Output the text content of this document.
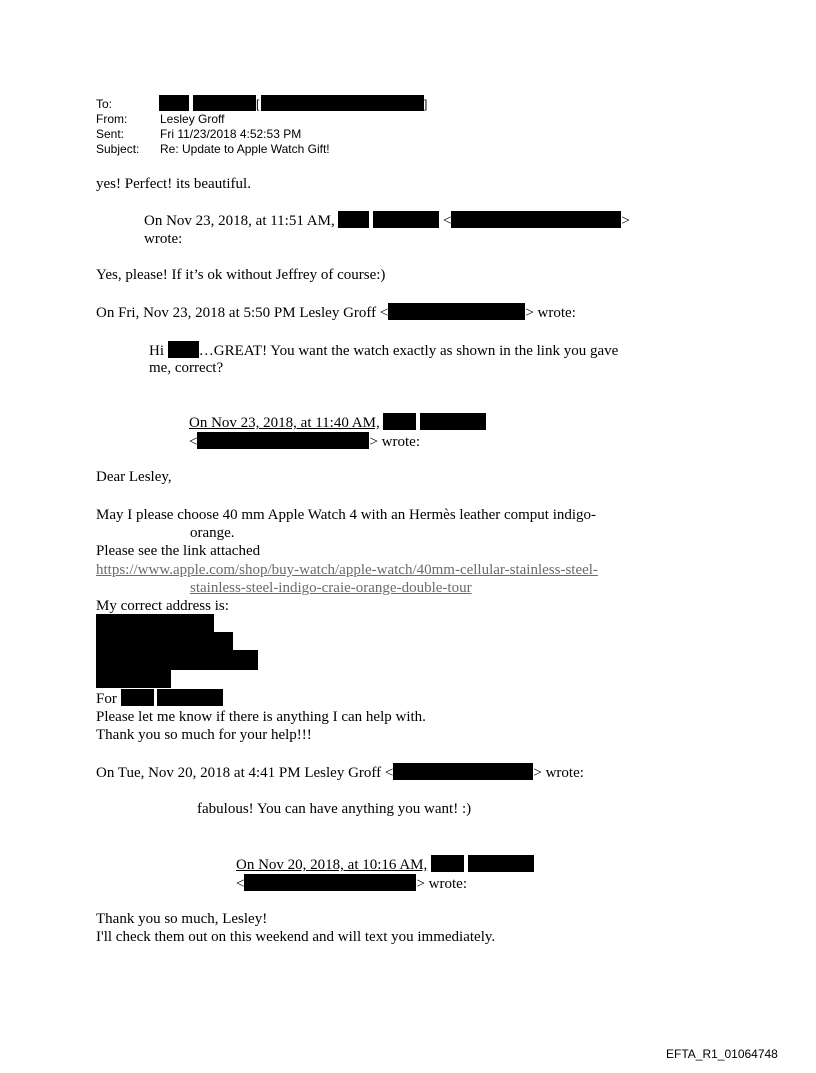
To:	[	]
From:	Lesley Groff
Sent:	Fri 11/23/2018 4:52:53 PM
Subject: Re: Update to Apple Watch Gift!
yes! Perfect! its beautiful.
On Nov 23, 2018, at 11:51 AM,	<	>
wrote:
Yes, please! If it’s ok without Jeffrey of course:)
On Fri, Nov 23, 2018 at 5:50 PM Lesley Groff <	> wrote:
Hi …GREAT! You want the watch exactly as shown in the link you gave
me, correct?
On Nov 23, 2018, at 11:40 AM,
<	> wrote:
Dear Lesley,
May I please choose 40 mm Apple Watch 4 with an Hermès leather comput indigo-
orange.
Please see the link attached
https://www.apple.com/shop/buy-watch/apple-watch/40mm-cellular-stainless-steel-
stainless-steel-indigo-craie-orange-double-tour
My correct address is:
For
Please let me know if there is anything I can help with.
Thank you so much for your help!!!
On Tue, Nov 20, 2018 at 4:41 PM Lesley Groff <	> wrote:
fabulous! You can have anything you want! :)
On Nov 20, 2018, at 10:16 AM,
<	> wrote:
Thank you so much, Lesley!
I'll check them out on this weekend and will text you immediately.
EFTA_R1_01064748
